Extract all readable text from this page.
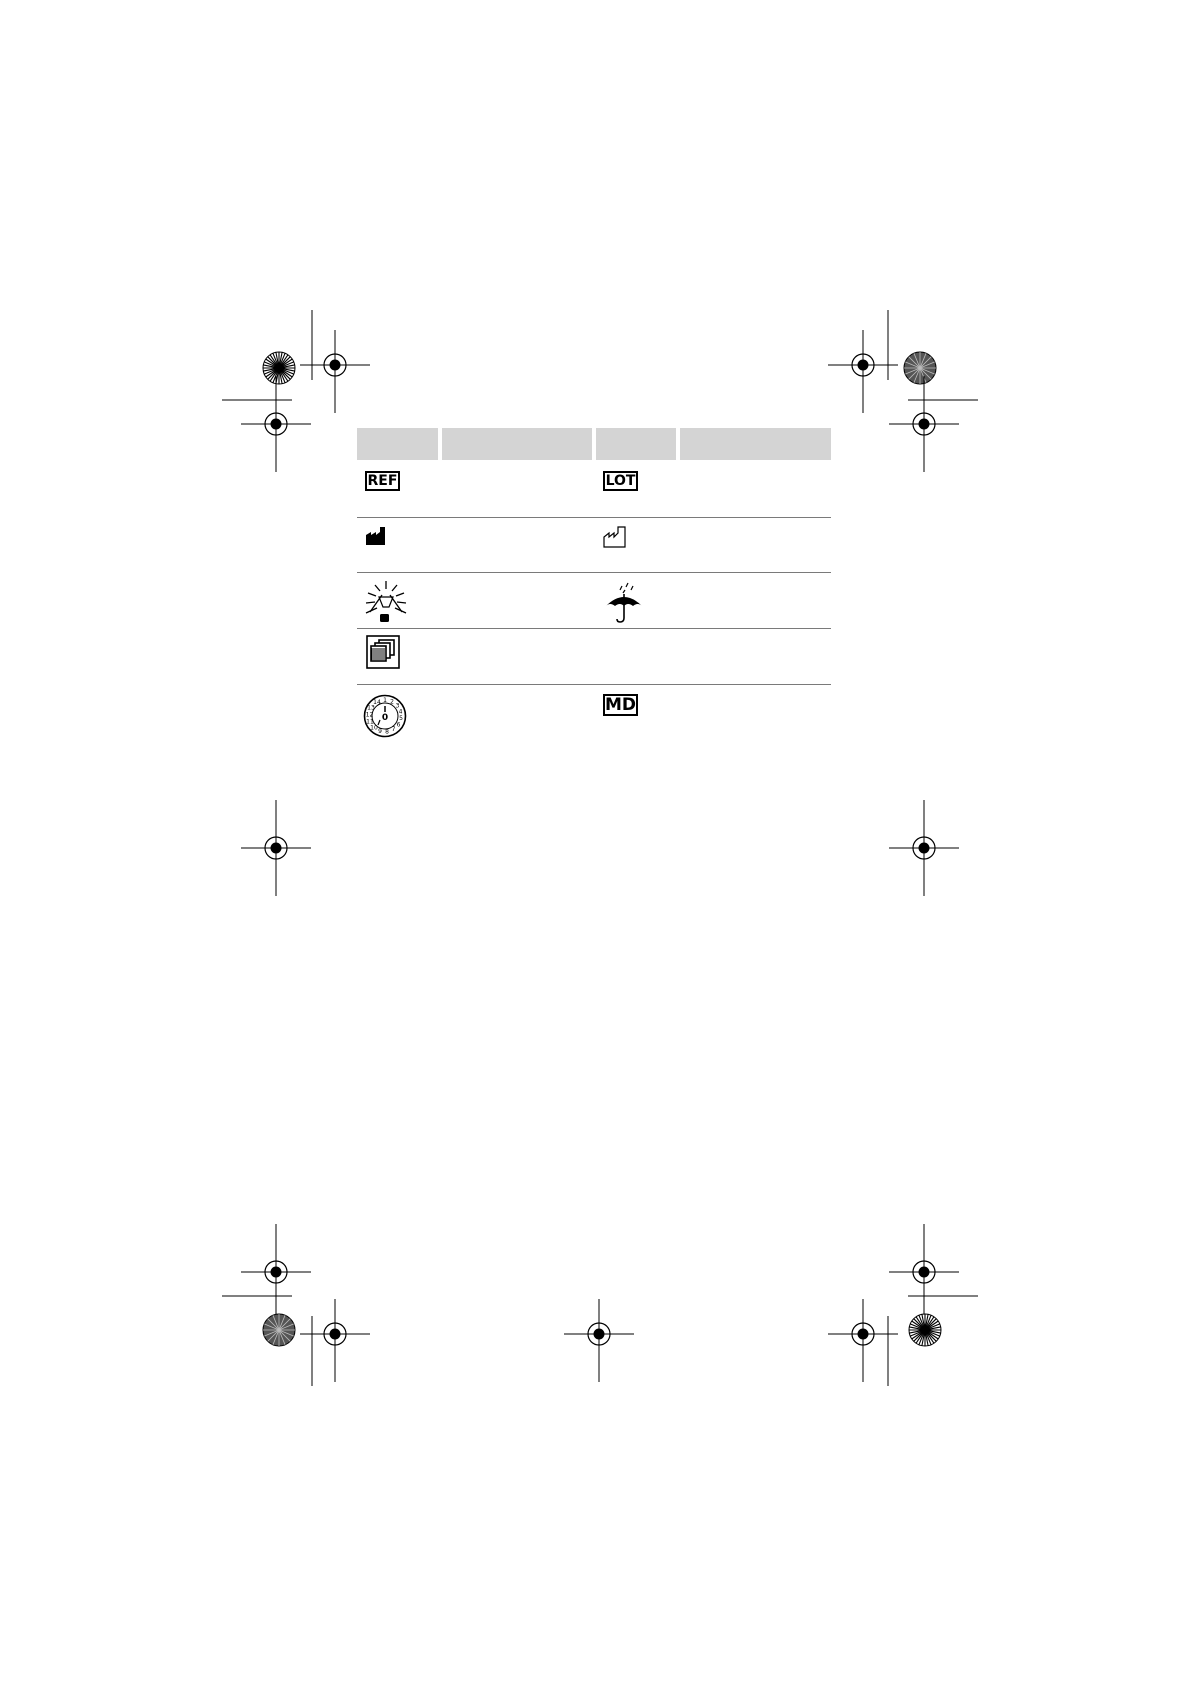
REF	LOT
1 2
3
4
5
6
7
8
9
10
11
12
13
14
0
MD
